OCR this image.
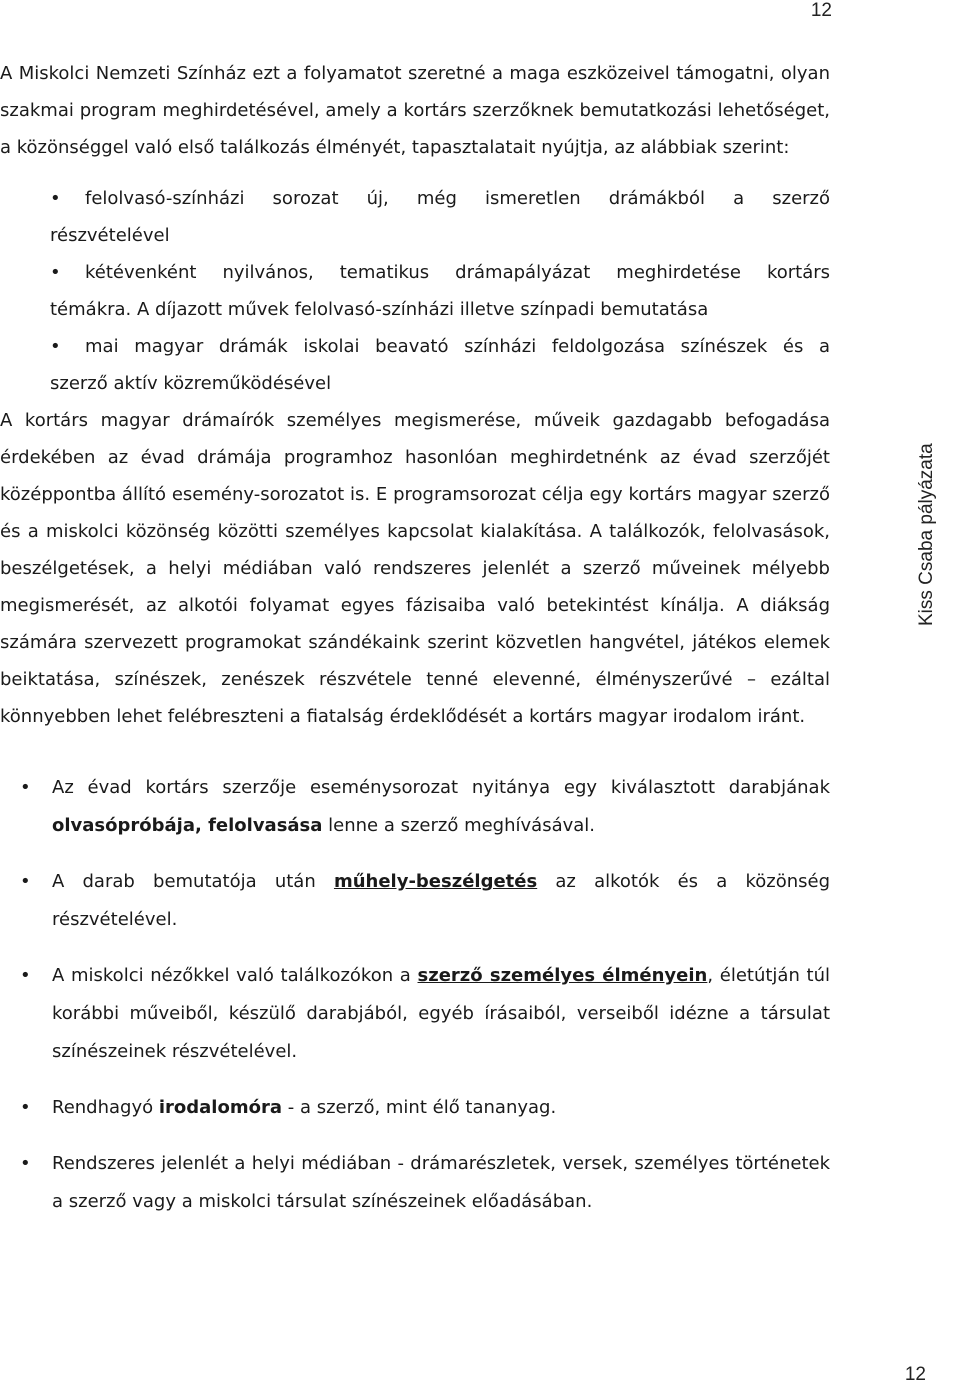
12
Kiss Csaba pályázata

A Miskolci Nemzeti Színház ezt a folyamatot szeretné a maga eszközeivel támogatni, olyan szakmai program meghirdetésével, amely a kortárs szerzőknek bemutatkozási lehetőséget, a közönséggel való első találkozás élményét, tapasztalatait nyújtja, az alábbiak szerint:

• felolvasó-színházi sorozat új, még ismeretlen drámákból a szerző
részvételével
• kétévenként nyilvános, tematikus drámapályázat meghirdetése kortárs
témákra. A díjazott művek felolvasó-színházi illetve színpadi bemutatása
• mai magyar drámák iskolai beavató színházi feldolgozása színészek és a
szerző aktív közreműködésével

A kortárs magyar drámaírók személyes megismerése, műveik gazdagabb befogadása érdekében az évad drámája programhoz hasonlóan meghirdetnénk az évad szerzőjét középpontba állító esemény-sorozatot is. E programsorozat célja egy kortárs magyar szerző és a miskolci közönség közötti személyes kapcsolat kialakítása. A találkozók, felolvasások, beszélgetések, a helyi médiában való rendszeres jelenlét a szerző műveinek mélyebb megismerését, az alkotói folyamat egyes fázisaiba való betekintést kínálja. A diákság számára szervezett programokat szándékaink szerint közvetlen hangvétel, játékos elemek beiktatása, színészek, zenészek részvétele tenné elevenné, élményszerűvé – ezáltal könnyebben lehet felébreszteni a fiatalság érdeklődését a kortárs magyar irodalom iránt.

• Az évad kortárs szerzője eseménysorozat nyitánya egy kiválasztott darabjának olvasópróbája, felolvasása lenne a szerző meghívásával.
• A darab bemutatója után műhely-beszélgetés az alkotók és a közönség részvételével.
• A miskolci nézőkkel való találkozókon a szerző személyes élményein, életútján túl korábbi műveiből, készülő darabjából, egyéb írásaiból, verseiből idézne a társulat színészeinek részvételével.
• Rendhagyó irodalomóra - a szerző, mint élő tananyag.
• Rendszeres jelenlét a helyi médiában - drámarészletek, versek, személyes történetek a szerző vagy a miskolci társulat színészeinek előadásában.
12
